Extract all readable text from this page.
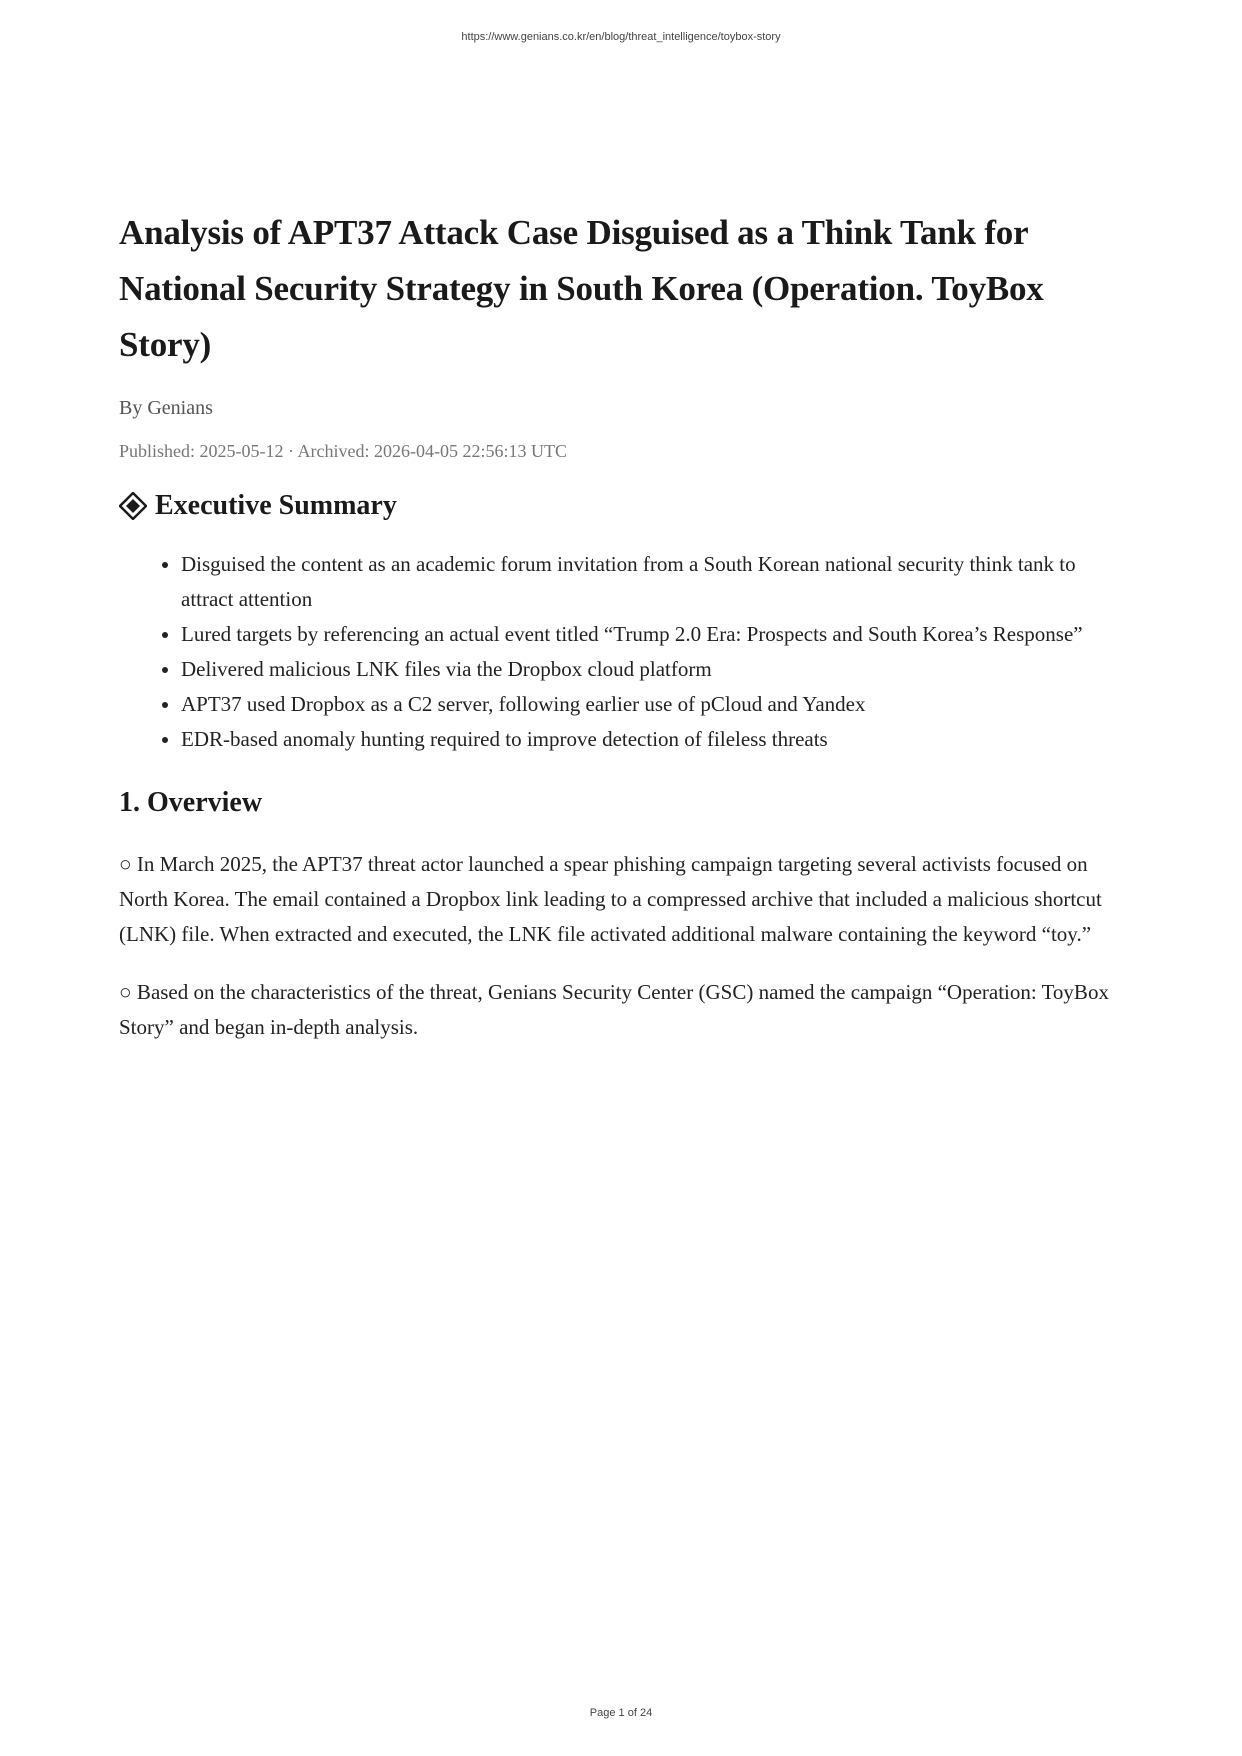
https://www.genians.co.kr/en/blog/threat_intelligence/toybox-story
Analysis of APT37 Attack Case Disguised as a Think Tank for National Security Strategy in South Korea (Operation. ToyBox Story)
By Genians
Published: 2025-05-12 · Archived: 2026-04-05 22:56:13 UTC
Executive Summary
• Disguised the content as an academic forum invitation from a South Korean national security think tank to attract attention
• Lured targets by referencing an actual event titled “Trump 2.0 Era: Prospects and South Korea’s Response”
• Delivered malicious LNK files via the Dropbox cloud platform
• APT37 used Dropbox as a C2 server, following earlier use of pCloud and Yandex
• EDR-based anomaly hunting required to improve detection of fileless threats
1. Overview

○ In March 2025, the APT37 threat actor launched a spear phishing campaign targeting several activists focused on North Korea. The email contained a Dropbox link leading to a compressed archive that included a malicious shortcut (LNK) file. When extracted and executed, the LNK file activated additional malware containing the keyword “toy.”

○ Based on the characteristics of the threat, Genians Security Center (GSC) named the campaign “Operation: ToyBox Story” and began in-depth analysis.

Page 1 of 24
